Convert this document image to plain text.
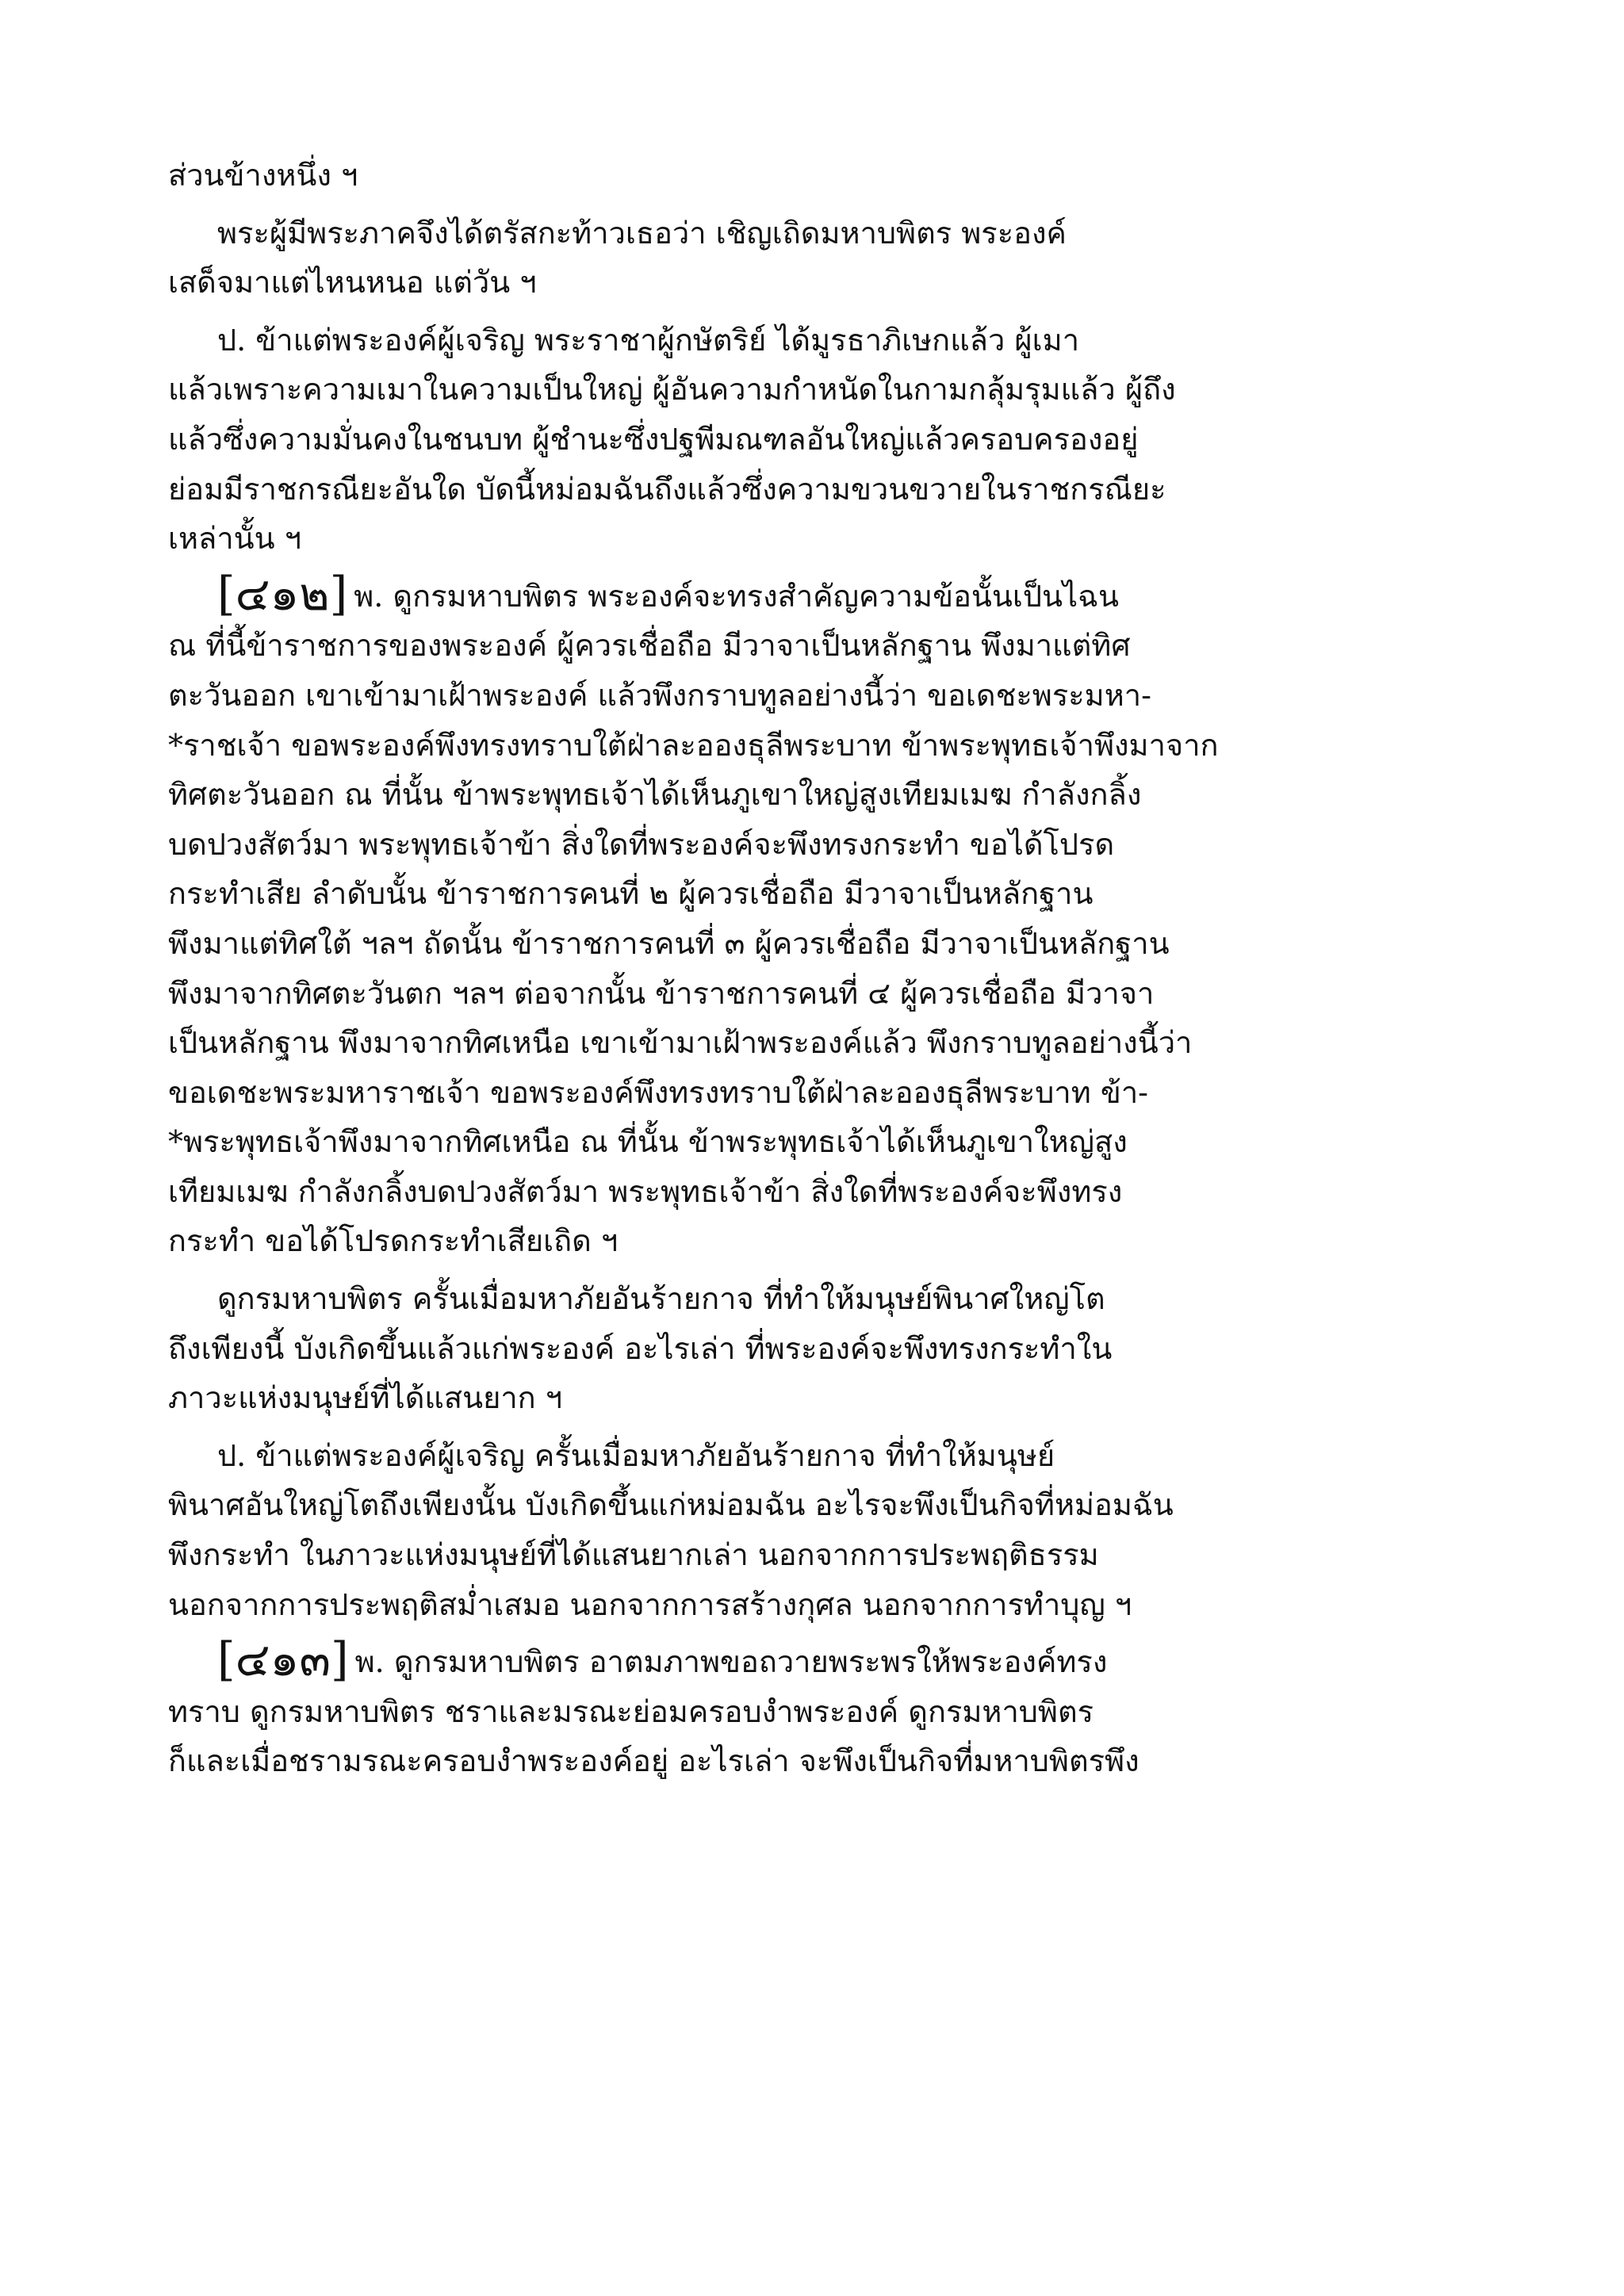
ส่วนข้างหนึ่ง ฯ
พระผู้มีพระภาคจึงได้ตรัสกะท้าวเธอว่า เชิญเถิดมหาบพิตร พระองค์
เสด็จมาแต่ไหนหนอ แต่วัน ฯ
ป. ข้าแต่พระองค์ผู้เจริญ พระราชาผู้กษัตริย์ ได้มูรธาภิเษกแล้ว ผู้เมา
แล้วเพราะความเมาในความเป็นใหญ่ ผู้อันความกำหนัดในกามกลุ้มรุมแล้ว ผู้ถึง
แล้วซึ่งความมั่นคงในชนบท ผู้ชำนะซึ่งปฐพีมณฑลอันใหญ่แล้วครอบครองอยู่
ย่อมมีราชกรณียะอันใด บัดนี้หม่อมฉันถึงแล้วซึ่งความขวนขวายในราชกรณียะ
เหล่านั้น ฯ
[๔๑๒] พ. ดูกรมหาบพิตร พระองค์จะทรงสำคัญความข้อนั้นเป็นไฉน
ณ ที่นี้ข้าราชการของพระองค์ ผู้ควรเชื่อถือ มีวาจาเป็นหลักฐาน พึงมาแต่ทิศ
ตะวันออก เขาเข้ามาเฝ้าพระองค์ แล้วพึงกราบทูลอย่างนี้ว่า ขอเดชะพระมหา-
*ราชเจ้า ขอพระองค์พึงทรงทราบใต้ฝ่าละอองธุลีพระบาท ข้าพระพุทธเจ้าพึงมาจาก
ทิศตะวันออก ณ ที่นั้น ข้าพระพุทธเจ้าได้เห็นภูเขาใหญ่สูงเทียมเมฆ กำลังกลิ้ง
บดปวงสัตว์มา พระพุทธเจ้าข้า สิ่งใดที่พระองค์จะพึงทรงกระทำ ขอได้โปรด
กระทำเสีย ลำดับนั้น ข้าราชการคนที่ ๒ ผู้ควรเชื่อถือ มีวาจาเป็นหลักฐาน
พึงมาแต่ทิศใต้ ฯลฯ ถัดนั้น ข้าราชการคนที่ ๓ ผู้ควรเชื่อถือ มีวาจาเป็นหลักฐาน
พึงมาจากทิศตะวันตก ฯลฯ ต่อจากนั้น ข้าราชการคนที่ ๔ ผู้ควรเชื่อถือ มีวาจา
เป็นหลักฐาน พึงมาจากทิศเหนือ เขาเข้ามาเฝ้าพระองค์แล้ว พึงกราบทูลอย่างนี้ว่า
ขอเดชะพระมหาราชเจ้า ขอพระองค์พึงทรงทราบใต้ฝ่าละอองธุลีพระบาท ข้า-
*พระพุทธเจ้าพึงมาจากทิศเหนือ ณ ที่นั้น ข้าพระพุทธเจ้าได้เห็นภูเขาใหญ่สูง
เทียมเมฆ กำลังกลิ้งบดปวงสัตว์มา พระพุทธเจ้าข้า สิ่งใดที่พระองค์จะพึงทรง
กระทำ ขอได้โปรดกระทำเสียเถิด ฯ
ดูกรมหาบพิตร ครั้นเมื่อมหาภัยอันร้ายกาจ ที่ทำให้มนุษย์พินาศใหญ่โต
ถึงเพียงนี้ บังเกิดขึ้นแล้วแก่พระองค์ อะไรเล่า ที่พระองค์จะพึงทรงกระทำใน
ภาวะแห่งมนุษย์ที่ได้แสนยาก ฯ
ป. ข้าแต่พระองค์ผู้เจริญ ครั้นเมื่อมหาภัยอันร้ายกาจ ที่ทำให้มนุษย์
พินาศอันใหญ่โตถึงเพียงนั้น บังเกิดขึ้นแก่หม่อมฉัน อะไรจะพึงเป็นกิจที่หม่อมฉัน
พึงกระทำ ในภาวะแห่งมนุษย์ที่ได้แสนยากเล่า นอกจากการประพฤติธรรม
นอกจากการประพฤติสม่ำเสมอ นอกจากการสร้างกุศล นอกจากการทำบุญ ฯ
[๔๑๓] พ. ดูกรมหาบพิตร อาตมภาพขอถวายพระพรให้พระองค์ทรง
ทราบ ดูกรมหาบพิตร ชราและมรณะย่อมครอบงำพระองค์ ดูกรมหาบพิตร
ก็และเมื่อชรามรณะครอบงำพระองค์อยู่ อะไรเล่า จะพึงเป็นกิจที่มหาบพิตรพึง
